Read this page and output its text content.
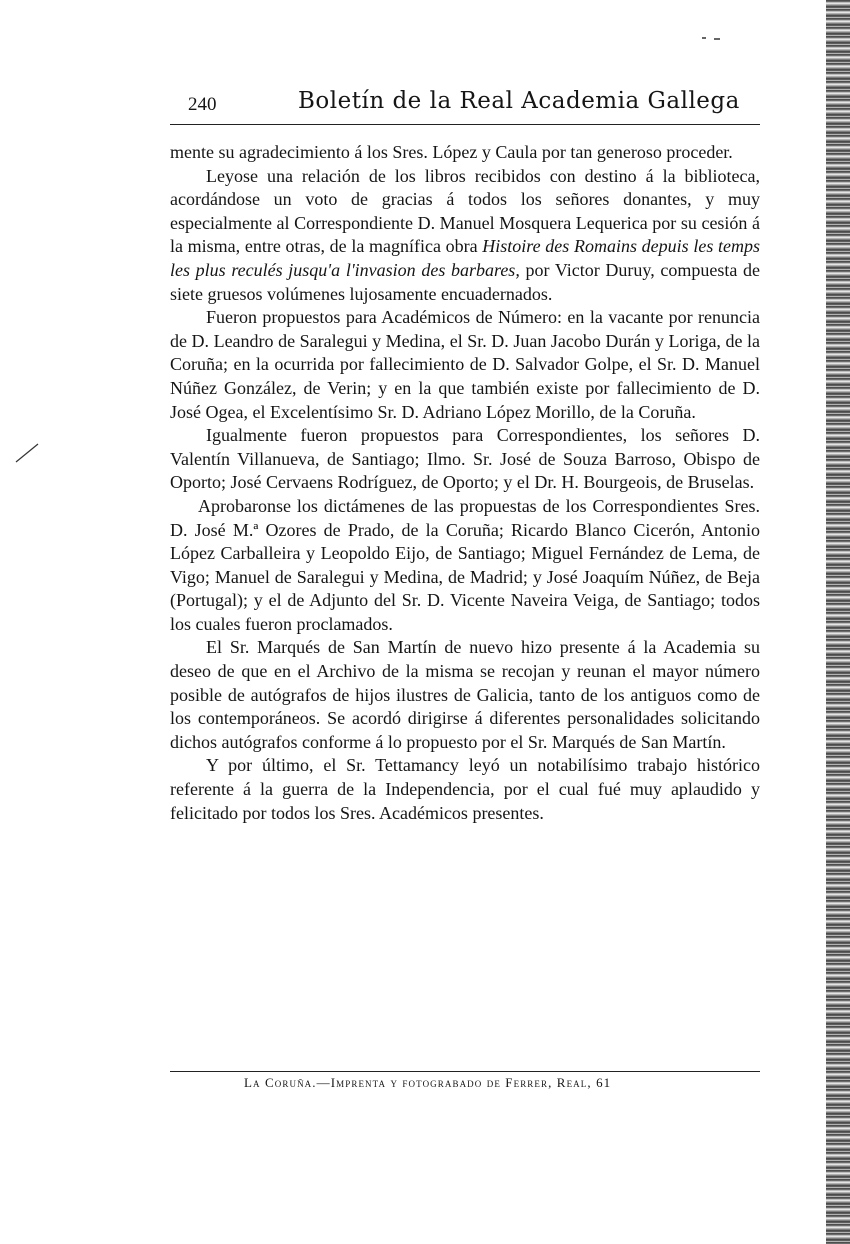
240	Boletín de la Real Academia Gallega

mente su agradecimiento á los Sres. López y Caula por tan generoso proceder.

Leyose una relación de los libros recibidos con destino á la biblioteca, acordándose un voto de gracias á todos los señores donantes, y muy especialmente al Correspondiente D. Manuel Mosquera Lequerica por su cesión á la misma, entre otras, de la magnífica obra Histoire des Romains depuis les temps les plus reculés jusqu'a l'invasion des barbares, por Victor Duruy, compuesta de siete gruesos volúmenes lujosamente encuadernados.

Fueron propuestos para Académicos de Número: en la vacante por renuncia de D. Leandro de Saralegui y Medina, el Sr. D. Juan Jacobo Durán y Loriga, de la Coruña; en la ocurrida por fallecimiento de D. Salvador Golpe, el Sr. D. Manuel Núñez González, de Verin; y en la que también existe por fallecimiento de D. José Ogea, el Excelentísimo Sr. D. Adriano López Morillo, de la Coruña.

Igualmente fueron propuestos para Correspondientes, los señores D. Valentín Villanueva, de Santiago; Ilmo. Sr. José de Souza Barroso, Obispo de Oporto; José Cervaens Rodríguez, de Oporto; y el Dr. H. Bourgeois, de Bruselas.

Aprobaronse los dictámenes de las propuestas de los Correspondientes Sres. D. José M.ª Ozores de Prado, de la Coruña; Ricardo Blanco Cicerón, Antonio López Carballeira y Leopoldo Eijo, de Santiago; Miguel Fernández de Lema, de Vigo; Manuel de Saralegui y Medina, de Madrid; y José Joaquím Núñez, de Beja (Portugal); y el de Adjunto del Sr. D. Vicente Naveira Veiga, de Santiago; todos los cuales fueron proclamados.

El Sr. Marqués de San Martín de nuevo hizo presente á la Academia su deseo de que en el Archivo de la misma se recojan y reunan el mayor número posible de autógrafos de hijos ilustres de Galicia, tanto de los antiguos como de los contemporáneos. Se acordó dirigirse á diferentes personalidades solicitando dichos autógrafos conforme á lo propuesto por el Sr. Marqués de San Martín.

Y por último, el Sr. Tettamancy leyó un notabilísimo trabajo histórico referente á la guerra de la Independencia, por el cual fué muy aplaudido y felicitado por todos los Sres. Académicos presentes.

La Coruña.—Imprenta y fotograbado de Ferrer, Real, 61
